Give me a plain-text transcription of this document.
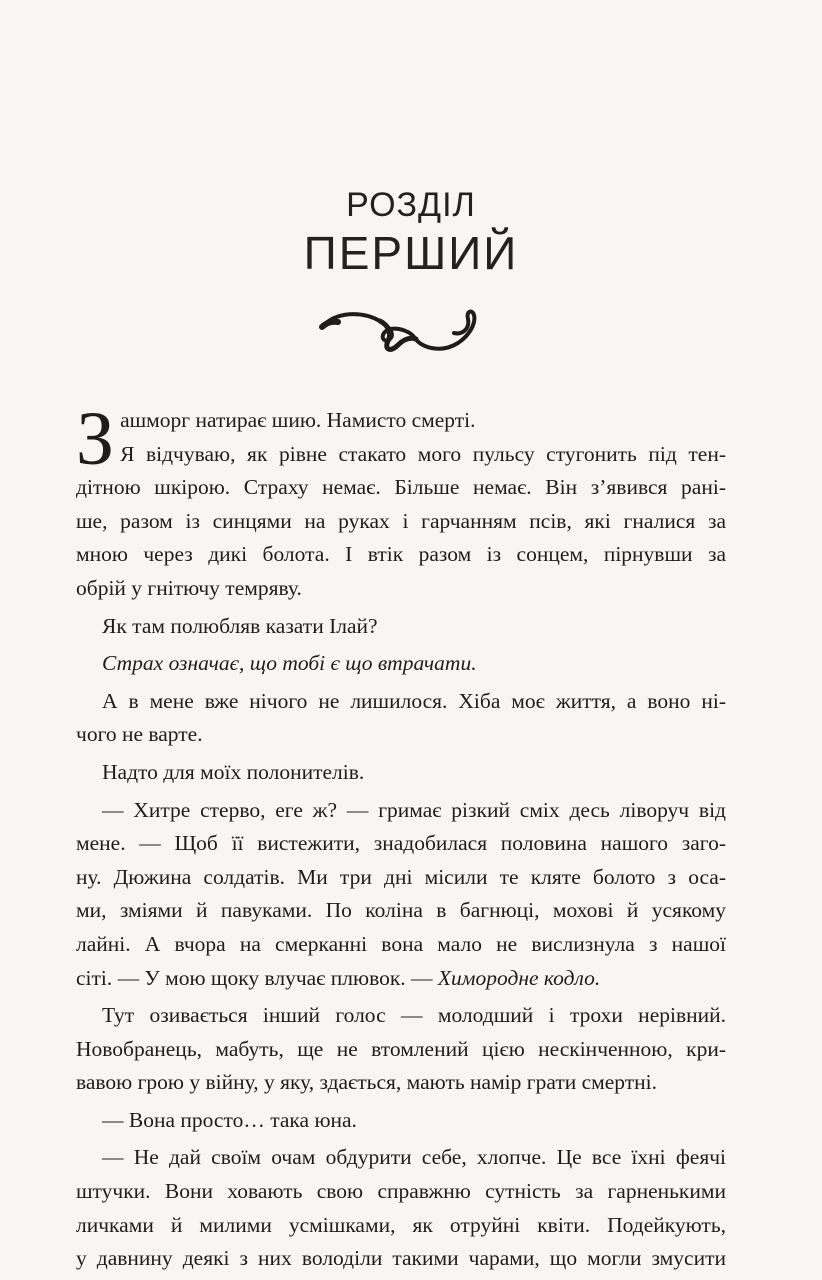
РОЗДІЛ
ПЕРШИЙ
З ашморг натирає шию. Намисто смерті.
Я відчуваю, як рівне стакато мого пульсу стугонить під тен-
дітною шкірою. Страху немає. Більше немає. Він з’явився рані-
ше, разом із синцями на руках і гарчанням псів, які гналися за
мною через дикі болота. І втік разом із сонцем, пірнувши за
обрій у гнітючу темряву.
Як там полюбляв казати Ілай?
Страх означає, що тобі є що втрачати.
А в мене вже нічого не лишилося. Хіба моє життя, а воно ні-
чого не варте.
Надто для моїх полонителів.
— Хитре стерво, еге ж? — гримає різкий сміх десь ліворуч від
мене. — Щоб її вистежити, знадобилася половина нашого заго-
ну. Дюжина солдатів. Ми три дні місили те кляте болото з оса-
ми, зміями й павуками. По коліна в багнюці, мохові й усякому
лайні. А вчора на смерканні вона мало не вислизнула з нашої
сіті. — У мою щоку влучає плювок. — Химородне кодло.
Тут озивається інший голос — молодший і трохи нерівний.
Новобранець, мабуть, ще не втомлений цією нескінченною, кри-
вавою грою у війну, у яку, здається, мають намір грати смертні.
— Вона просто… така юна.
— Не дай своїм очам обдурити себе, хлопче. Це все їхні феячі
штучки. Вони ховають свою справжню сутність за гарненькими
личками й милими усмішками, як отруйні квіти. Подейкують,
у давнину деякі з них володіли такими чарами, що могли змусити
